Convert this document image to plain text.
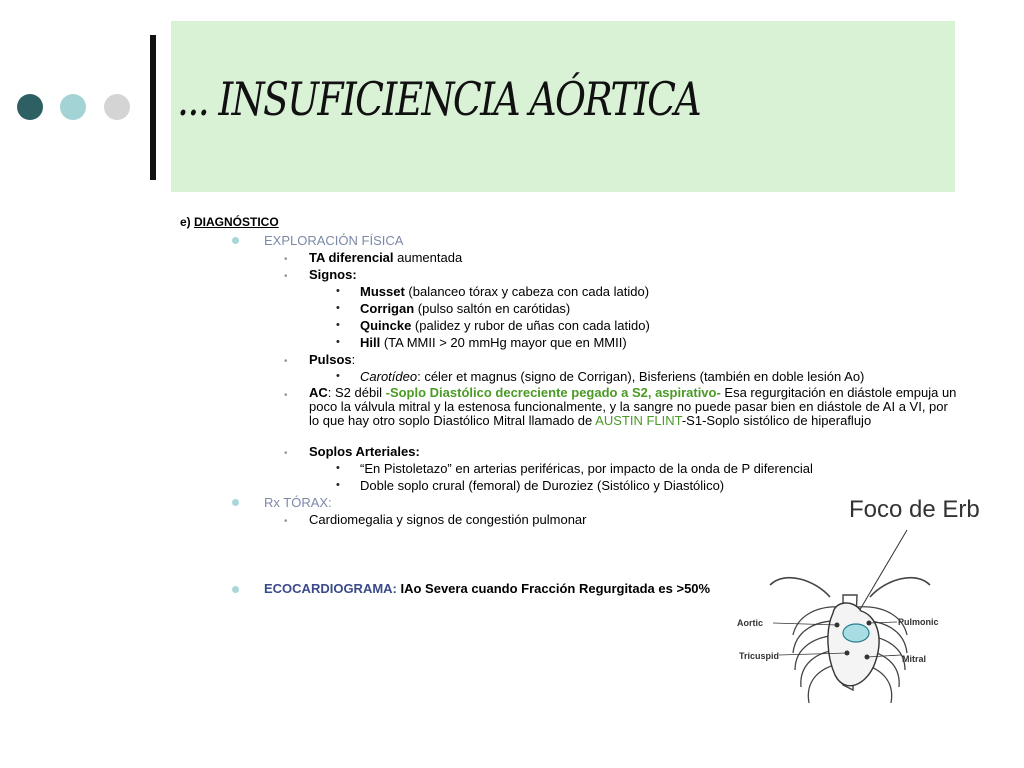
... INSUFICIENCIA AÓRTICA
e) DIAGNÓSTICO
EXPLORACIÓN FÍSICA
• TA diferencial aumentada
• Signos:
• Musset (balanceo tórax y cabeza con cada latido)
• Corrigan (pulso saltón en carótidas)
• Quincke (palidez y rubor de uñas con cada latido)
• Hill (TA MMII > 20 mmHg mayor que en MMII)
• Pulsos:
• Carotídeo: céler et magnus (signo de Corrigan), Bisferiens (también en doble lesión Ao)
• AC: S2 débil -Soplo Diastólico decreciente pegado a S2, aspirativo- Esa regurgitación en diástole empuja un poco la válvula mitral y la estenosa funcionalmente, y la sangre no puede pasar bien en diástole de AI a VI, por lo que hay otro soplo Diastólico Mitral llamado de AUSTIN FLINT-S1-Soplo sistólico de hiperaflujo
• Soplos Arteriales:
• “En Pistoletazo” en arterias periféricas, por impacto de la onda de P diferencial
• Doble soplo crural (femoral) de Duroziez (Sistólico y Diastólico)
Rx TÓRAX:
• Cardiomegalia y signos de congestión pulmonar
ECOCARDIOGRAMA: IAo Severa cuando Fracción Regurgitada es >50%
Foco de Erb
Aortic
Tricuspid
Pulmonic
Mitral
